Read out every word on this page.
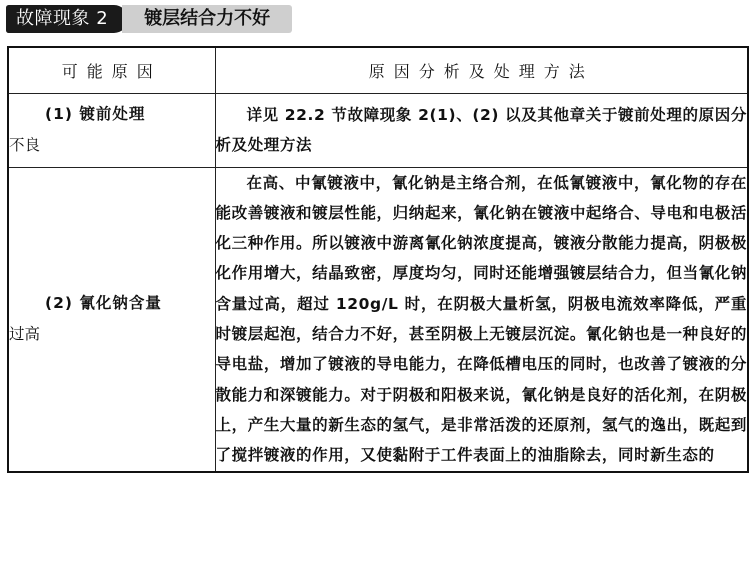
故障现象 2	镀层结合力不好
可能原因	原因分析及处理方法

(1) 镀前处理
不良	详见 22.2 节故障现象 2(1)、(2) 以及其他章关于镀前处理的原因分析及处理方法

(2) 氰化钠含量
过高	在高、中氰镀液中，氰化钠是主络合剂，在低氰镀液中，氰化物的存在能改善镀液和镀层性能，归纳起来，氰化钠在镀液中起络合、导电和电极活化三种作用。所以镀液中游离氰化钠浓度提高，镀液分散能力提高，阴极极化作用增大，结晶致密，厚度均匀，同时还能增强镀层结合力，但当氰化钠含量过高，超过 120g/L 时，在阴极大量析氢，阴极电流效率降低，严重时镀层起泡，结合力不好，甚至阴极上无镀层沉淀。氰化钠也是一种良好的导电盐，增加了镀液的导电能力，在降低槽电压的同时，也改善了镀液的分散能力和深镀能力。对于阴极和阳极来说，氰化钠是良好的活化剂，在阴极上，产生大量的新生态的氢气，是非常活泼的还原剂，氢气的逸出，既起到了搅拌镀液的作用，又使黏附于工件表面上的油脂除去，同时新生态的
